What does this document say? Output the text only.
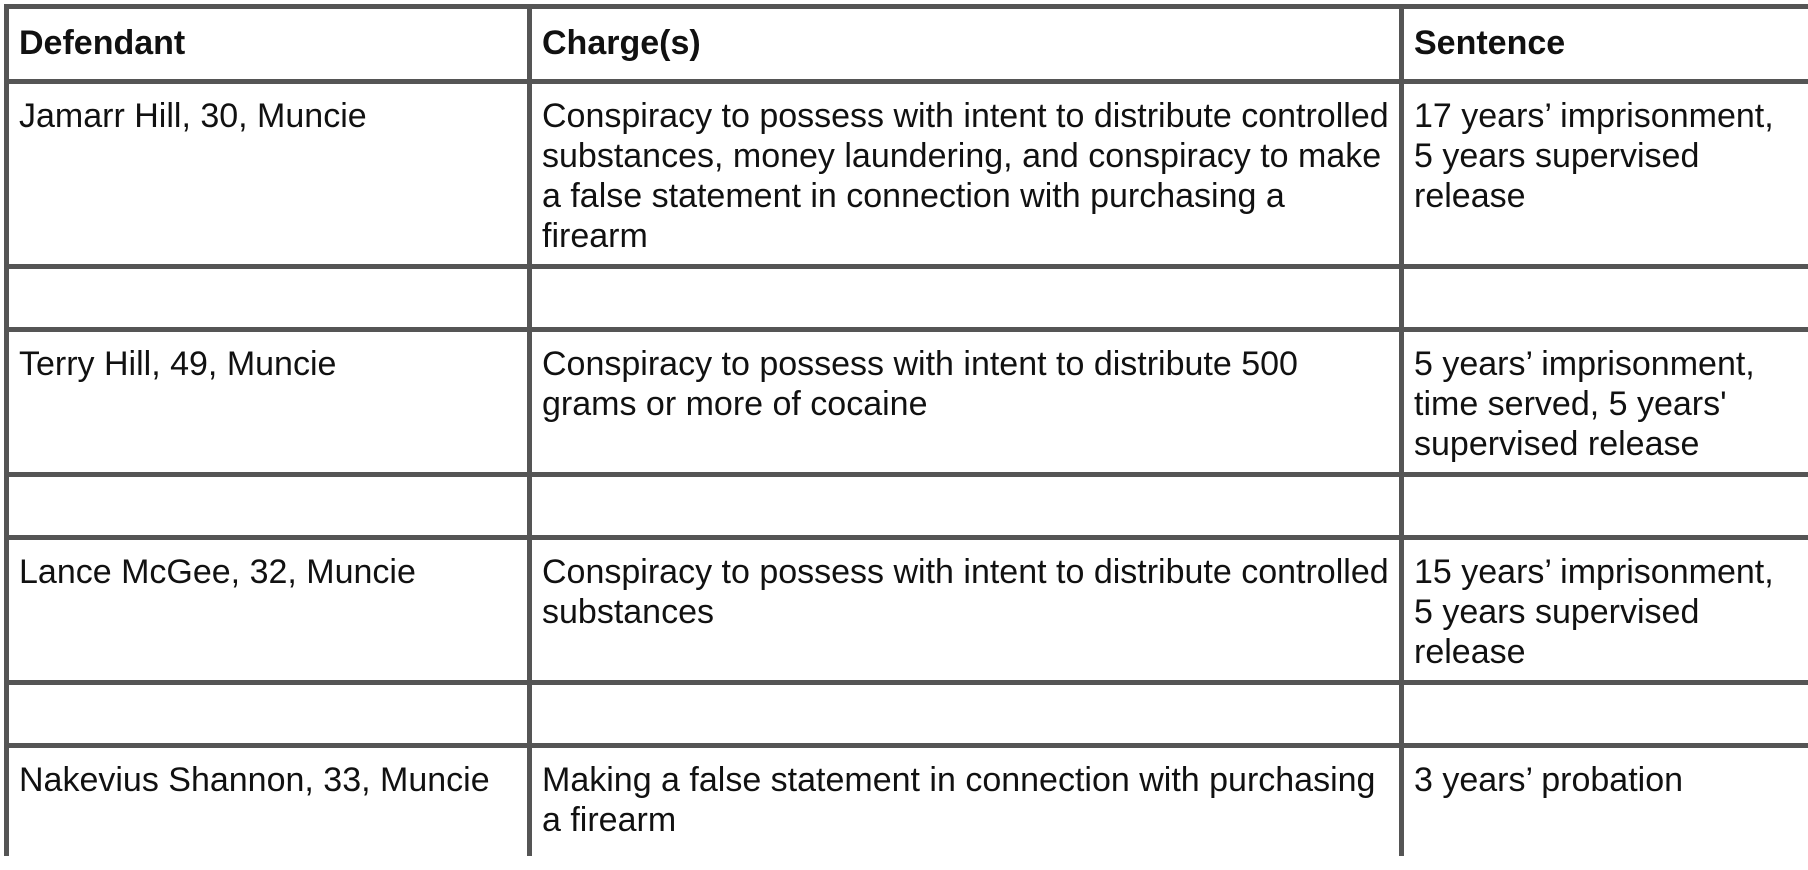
Defendant	Charge(s)	Sentence
Jamarr Hill, 30, Muncie	Conspiracy to possess with intent to distribute controlled substances, money laundering, and conspiracy to make a false statement in connection with purchasing a firearm	17 years’ imprisonment, 5 years supervised release

Terry Hill, 49, Muncie	Conspiracy to possess with intent to distribute 500 grams or more of cocaine	5 years’ imprisonment, time served, 5 years' supervised release

Lance McGee, 32, Muncie	Conspiracy to possess with intent to distribute controlled substances	15 years’ imprisonment, 5 years supervised release

Nakevius Shannon, 33, Muncie	Making a false statement in connection with purchasing a firearm	3 years’ probation
